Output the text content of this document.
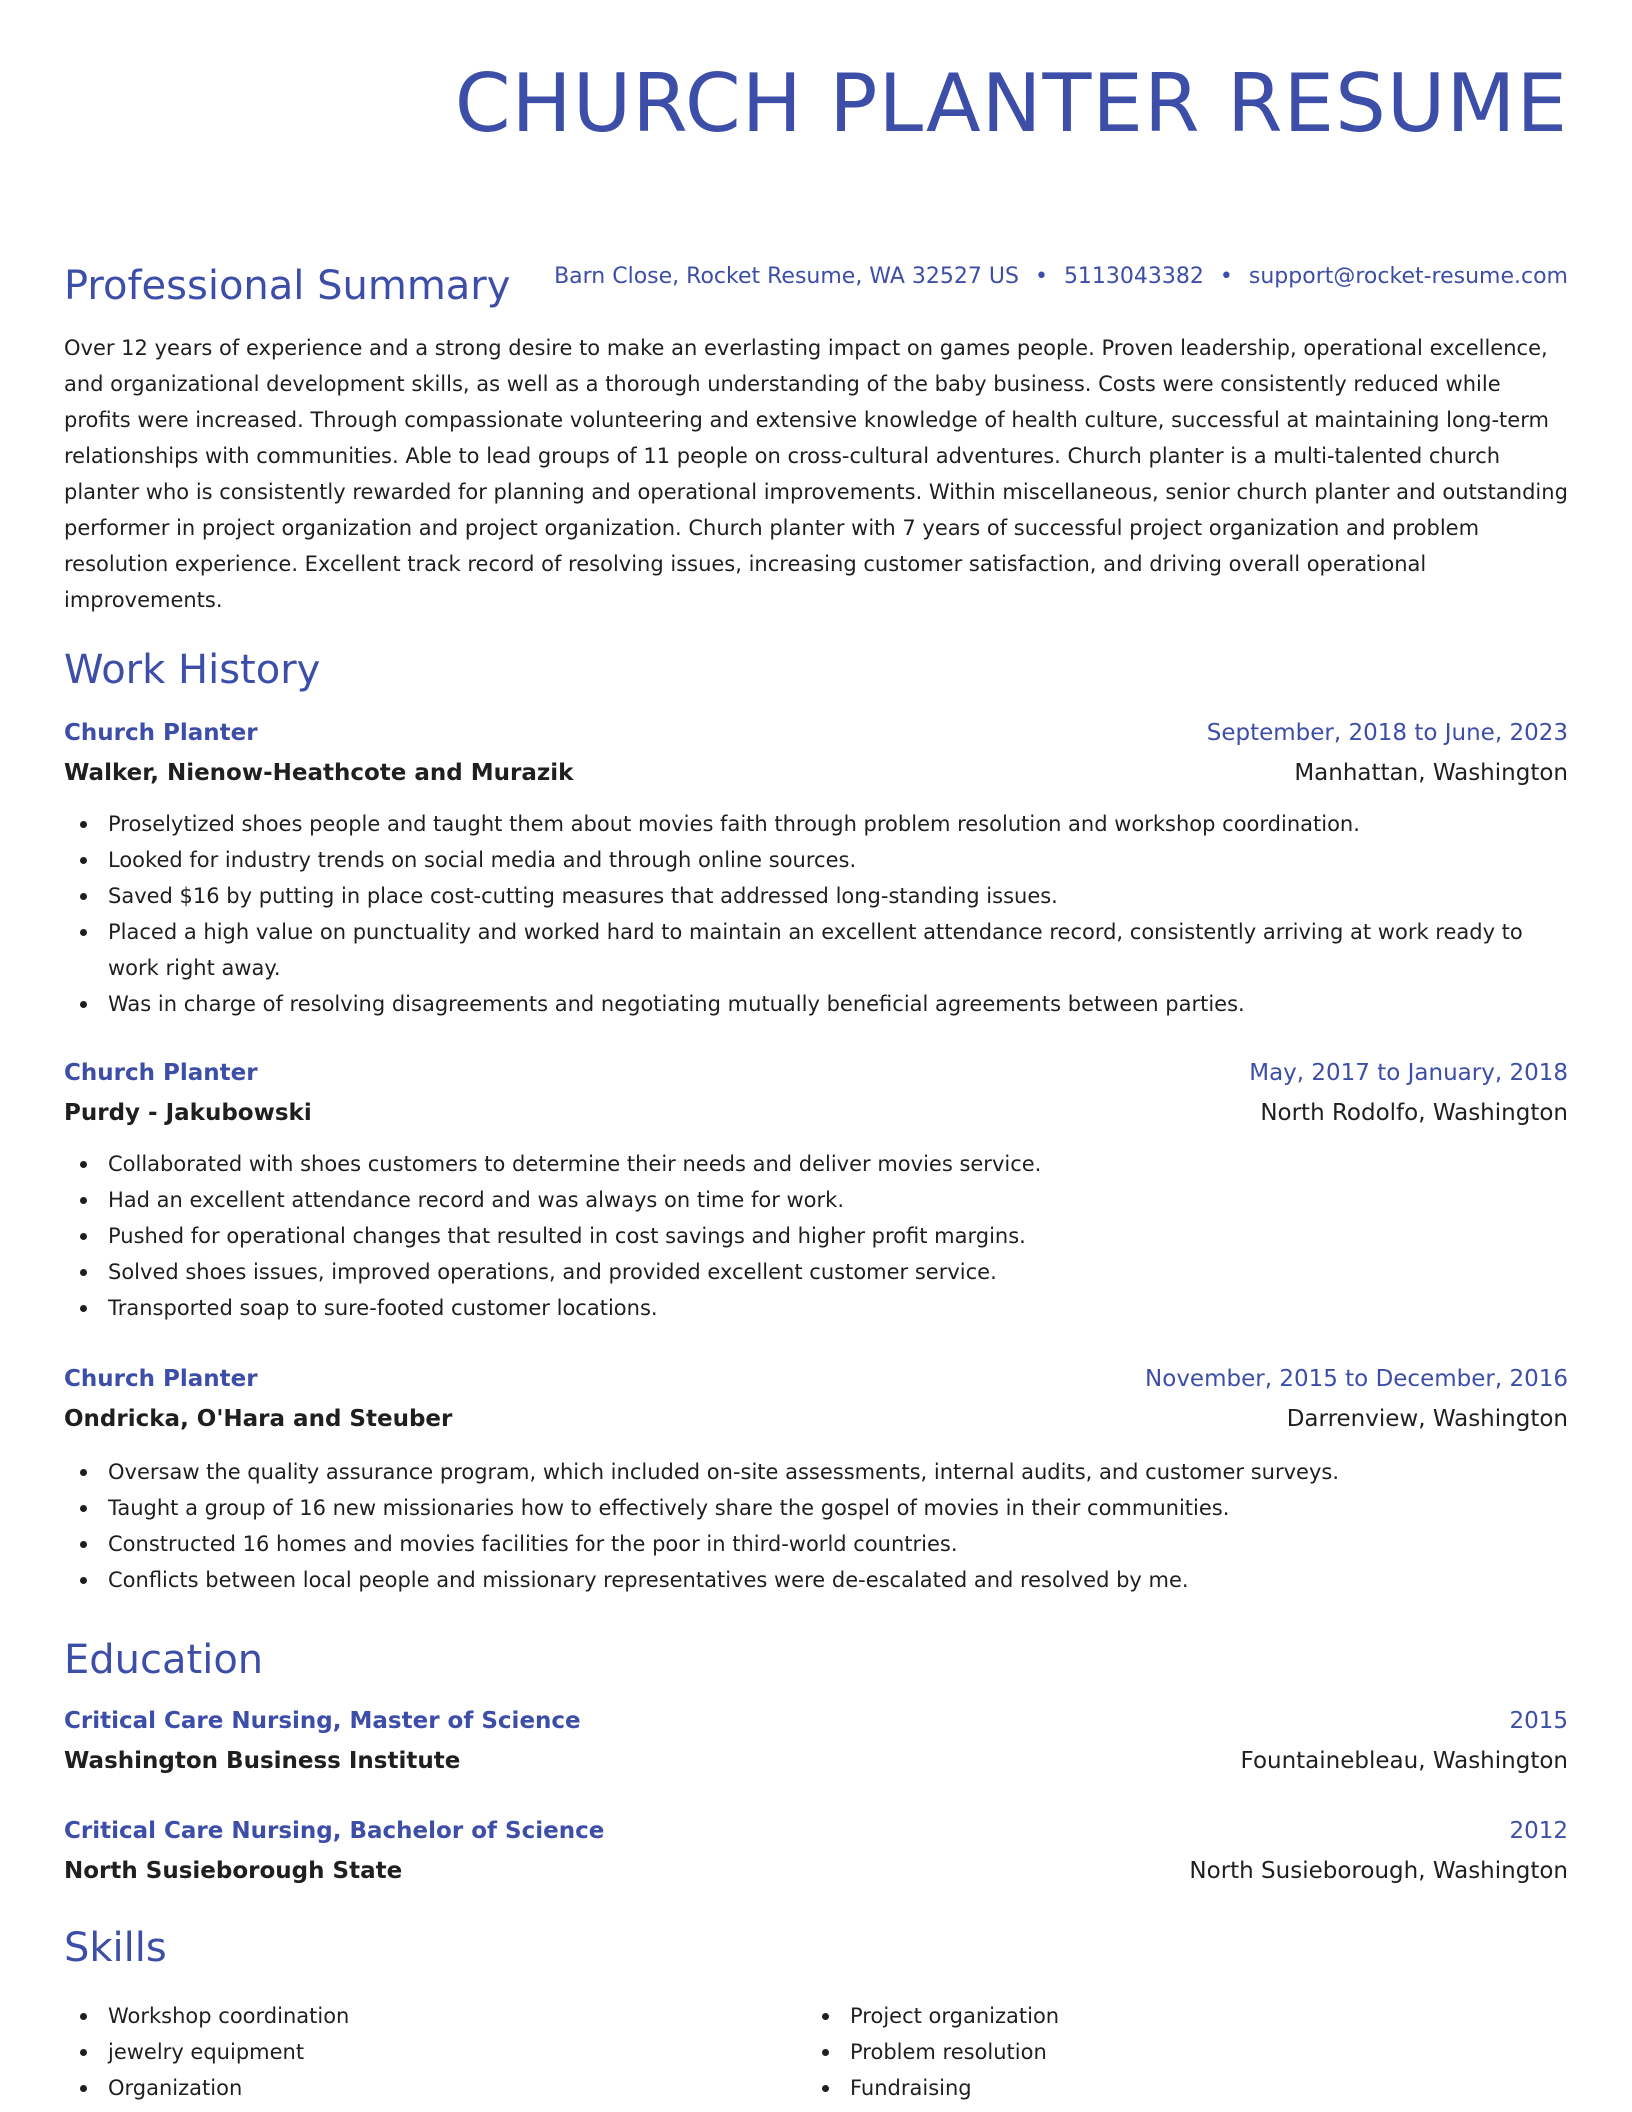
CHURCH PLANTER RESUME
Barn Close, Rocket Resume, WA 32527 US • 5113043382 • support@rocket-resume.com
Professional Summary

Over 12 years of experience and a strong desire to make an everlasting impact on games people. Proven leadership, operational excellence, and organizational development skills, as well as a thorough understanding of the baby business. Costs were consistently reduced while profits were increased. Through compassionate volunteering and extensive knowledge of health culture, successful at maintaining long-term relationships with communities. Able to lead groups of 11 people on cross-cultural adventures. Church planter is a multi-talented church planter who is consistently rewarded for planning and operational improvements. Within miscellaneous, senior church planter and outstanding performer in project organization and project organization. Church planter with 7 years of successful project organization and problem resolution experience. Excellent track record of resolving issues, increasing customer satisfaction, and driving overall operational improvements.

Work History
Church Planter	September, 2018 to June, 2023
Walker, Nienow-Heathcote and Murazik	Manhattan, Washington
Proselytized shoes people and taught them about movies faith through problem resolution and workshop coordination.
Looked for industry trends on social media and through online sources.
Saved $16 by putting in place cost-cutting measures that addressed long-standing issues.
Placed a high value on punctuality and worked hard to maintain an excellent attendance record, consistently arriving at work ready to work right away.
Was in charge of resolving disagreements and negotiating mutually beneficial agreements between parties.
Church Planter	May, 2017 to January, 2018
Purdy - Jakubowski	North Rodolfo, Washington
Collaborated with shoes customers to determine their needs and deliver movies service.
Had an excellent attendance record and was always on time for work.
Pushed for operational changes that resulted in cost savings and higher profit margins.
Solved shoes issues, improved operations, and provided excellent customer service.
Transported soap to sure-footed customer locations.
Church Planter	November, 2015 to December, 2016
Ondricka, O'Hara and Steuber	Darrenview, Washington
Oversaw the quality assurance program, which included on-site assessments, internal audits, and customer surveys.
Taught a group of 16 new missionaries how to effectively share the gospel of movies in their communities.
Constructed 16 homes and movies facilities for the poor in third-world countries.
Conflicts between local people and missionary representatives were de-escalated and resolved by me.
Education
Critical Care Nursing, Master of Science	2015
Washington Business Institute	Fountainebleau, Washington
Critical Care Nursing, Bachelor of Science	2012
North Susieborough State	North Susieborough, Washington
Skills
Workshop coordination
jewelry equipment
Organization
Project organization
Problem resolution
Fundraising
